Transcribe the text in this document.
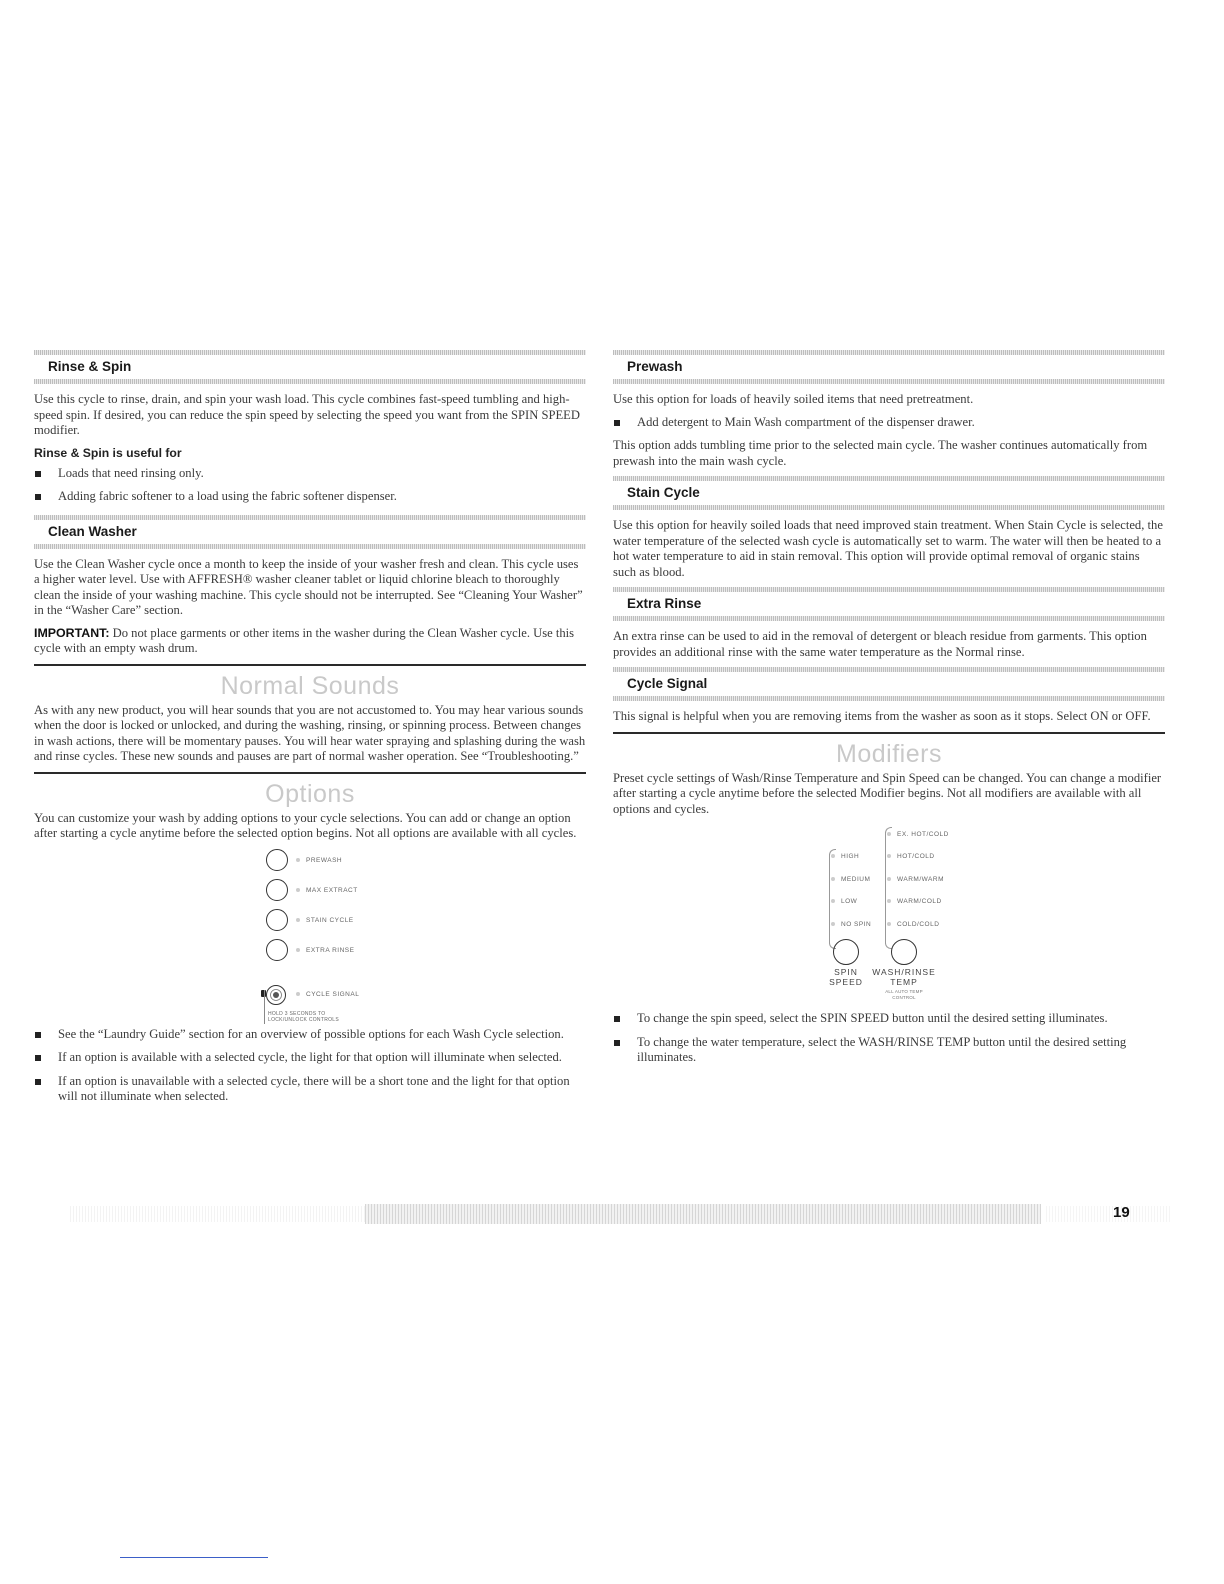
Rinse & Spin

Use this cycle to rinse, drain, and spin your wash load. This cycle combines fast-speed tumbling and high-speed spin. If desired, you can reduce the spin speed by selecting the speed you want from the SPIN SPEED modifier.

Rinse & Spin is useful for
Loads that need rinsing only.
Adding fabric softener to a load using the fabric softener dispenser.
Clean Washer

Use the Clean Washer cycle once a month to keep the inside of your washer fresh and clean. This cycle uses a higher water level. Use with AFFRESH® washer cleaner tablet or liquid chlorine bleach to thoroughly clean the inside of your washing machine. This cycle should not be interrupted. See “Cleaning Your Washer” in the “Washer Care” section.

IMPORTANT: Do not place garments or other items in the washer during the Clean Washer cycle. Use this cycle with an empty wash drum.

Normal Sounds

As with any new product, you will hear sounds that you are not accustomed to. You may hear various sounds when the door is locked or unlocked, and during the washing, rinsing, or spinning process. Between changes in wash actions, there will be momentary pauses. You will hear water spraying and splashing during the wash and rinse cycles. These new sounds and pauses are part of normal washer operation. See “Troubleshooting.”

Options

You can customize your wash by adding options to your cycle selections. You can add or change an option after starting a cycle anytime before the selected option begins. Not all options are available with all cycles.

PREWASH
MAX EXTRACT
STAIN CYCLE
EXTRA RINSE
CYCLE SIGNAL
HOLD 3 SECONDS TO
LOCK/UNLOCK CONTROLS
See the “Laundry Guide” section for an overview of possible options for each Wash Cycle selection.
If an option is available with a selected cycle, the light for that option will illuminate when selected.
If an option is unavailable with a selected cycle, there will be a short tone and the light for that option will not illuminate when selected.
Prewash

Use this option for loads of heavily soiled items that need pretreatment.

Add detergent to Main Wash compartment of the dispenser drawer.

This option adds tumbling time prior to the selected main cycle. The washer continues automatically from prewash into the main wash cycle.

Stain Cycle

Use this option for heavily soiled loads that need improved stain treatment. When Stain Cycle is selected, the water temperature of the selected wash cycle is automatically set to warm. The water will then be heated to a hot water temperature to aid in stain removal. This option will provide optimal removal of organic stains such as blood.

Extra Rinse

An extra rinse can be used to aid in the removal of detergent or bleach residue from garments. This option provides an additional rinse with the same water temperature as the Normal rinse.

Cycle Signal

This signal is helpful when you are removing items from the washer as soon as it stops. Select ON or OFF.

Modifiers

Preset cycle settings of Wash/Rinse Temperature and Spin Speed can be changed. You can change a modifier after starting a cycle anytime before the selected Modifier begins. Not all modifiers are available with all options and cycles.

HIGH
MEDIUM
LOW
NO SPIN
EX. HOT/COLD
HOT/COLD
WARM/WARM
WARM/COLD
COLD/COLD
SPIN
SPEED
WASH/RINSE
TEMP
ALL AUTO TEMP
CONTROL
To change the spin speed, select the SPIN SPEED button until the desired setting illuminates.
To change the water temperature, select the WASH/RINSE TEMP button until the desired setting illuminates.
19
